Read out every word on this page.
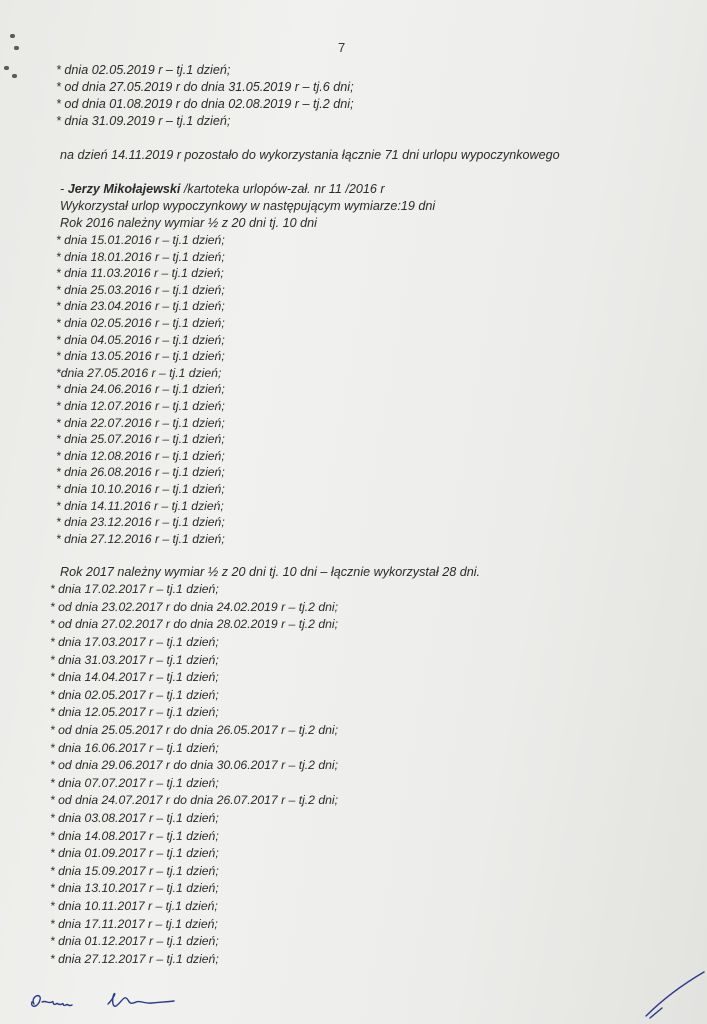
7
* dnia 02.05.2019 r – tj.1 dzień;
* od dnia 27.05.2019 r do dnia 31.05.2019 r – tj.6 dni;
* od dnia 01.08.2019 r do dnia 02.08.2019 r – tj.2 dni;
* dnia 31.09.2019 r – tj.1 dzień;
na dzień 14.11.2019 r pozostało do wykorzystania łącznie 71 dni urlopu wypoczynkowego
- Jerzy Mikołajewski /kartoteka urlopów-zał. nr 11 /2016 r
Wykorzystał urlop wypoczynkowy w następującym wymiarze:19 dni
Rok 2016 należny wymiar ½ z 20 dni tj. 10 dni
* dnia 15.01.2016 r – tj.1 dzień;
* dnia 18.01.2016 r – tj.1 dzień;
* dnia 11.03.2016 r – tj.1 dzień;
* dnia 25.03.2016 r – tj.1 dzień;
* dnia 23.04.2016 r – tj.1 dzień;
* dnia 02.05.2016 r – tj.1 dzień;
* dnia 04.05.2016 r – tj.1 dzień;
* dnia 13.05.2016 r – tj.1 dzień;
*dnia 27.05.2016 r – tj.1 dzień;
* dnia 24.06.2016 r – tj.1 dzień;
* dnia 12.07.2016 r – tj.1 dzień;
* dnia 22.07.2016 r – tj.1 dzień;
* dnia 25.07.2016 r – tj.1 dzień;
* dnia 12.08.2016 r – tj.1 dzień;
* dnia 26.08.2016 r – tj.1 dzień;
* dnia 10.10.2016 r – tj.1 dzień;
* dnia 14.11.2016 r – tj.1 dzień;
* dnia 23.12.2016 r – tj.1 dzień;
* dnia 27.12.2016 r – tj.1 dzień;
Rok 2017 należny wymiar ½ z 20 dni tj. 10 dni – łącznie wykorzystał 28 dni.
* dnia 17.02.2017 r – tj.1 dzień;
* od dnia 23.02.2017 r do dnia 24.02.2019 r – tj.2 dni;
* od dnia 27.02.2017 r do dnia 28.02.2019 r – tj.2 dni;
* dnia 17.03.2017 r – tj.1 dzień;
* dnia 31.03.2017 r – tj.1 dzień;
* dnia 14.04.2017 r – tj.1 dzień;
* dnia 02.05.2017 r – tj.1 dzień;
* dnia 12.05.2017 r – tj.1 dzień;
* od dnia 25.05.2017 r do dnia 26.05.2017 r – tj.2 dni;
* dnia 16.06.2017 r – tj.1 dzień;
* od dnia 29.06.2017 r do dnia 30.06.2017 r – tj.2 dni;
* dnia 07.07.2017 r – tj.1 dzień;
* od dnia 24.07.2017 r do dnia 26.07.2017 r – tj.2 dni;
* dnia 03.08.2017 r – tj.1 dzień;
* dnia 14.08.2017 r – tj.1 dzień;
* dnia 01.09.2017 r – tj.1 dzień;
* dnia 15.09.2017 r – tj.1 dzień;
* dnia 13.10.2017 r – tj.1 dzień;
* dnia 10.11.2017 r – tj.1 dzień;
* dnia 17.11.2017 r – tj.1 dzień;
* dnia 01.12.2017 r – tj.1 dzień;
* dnia 27.12.2017 r – tj.1 dzień;
